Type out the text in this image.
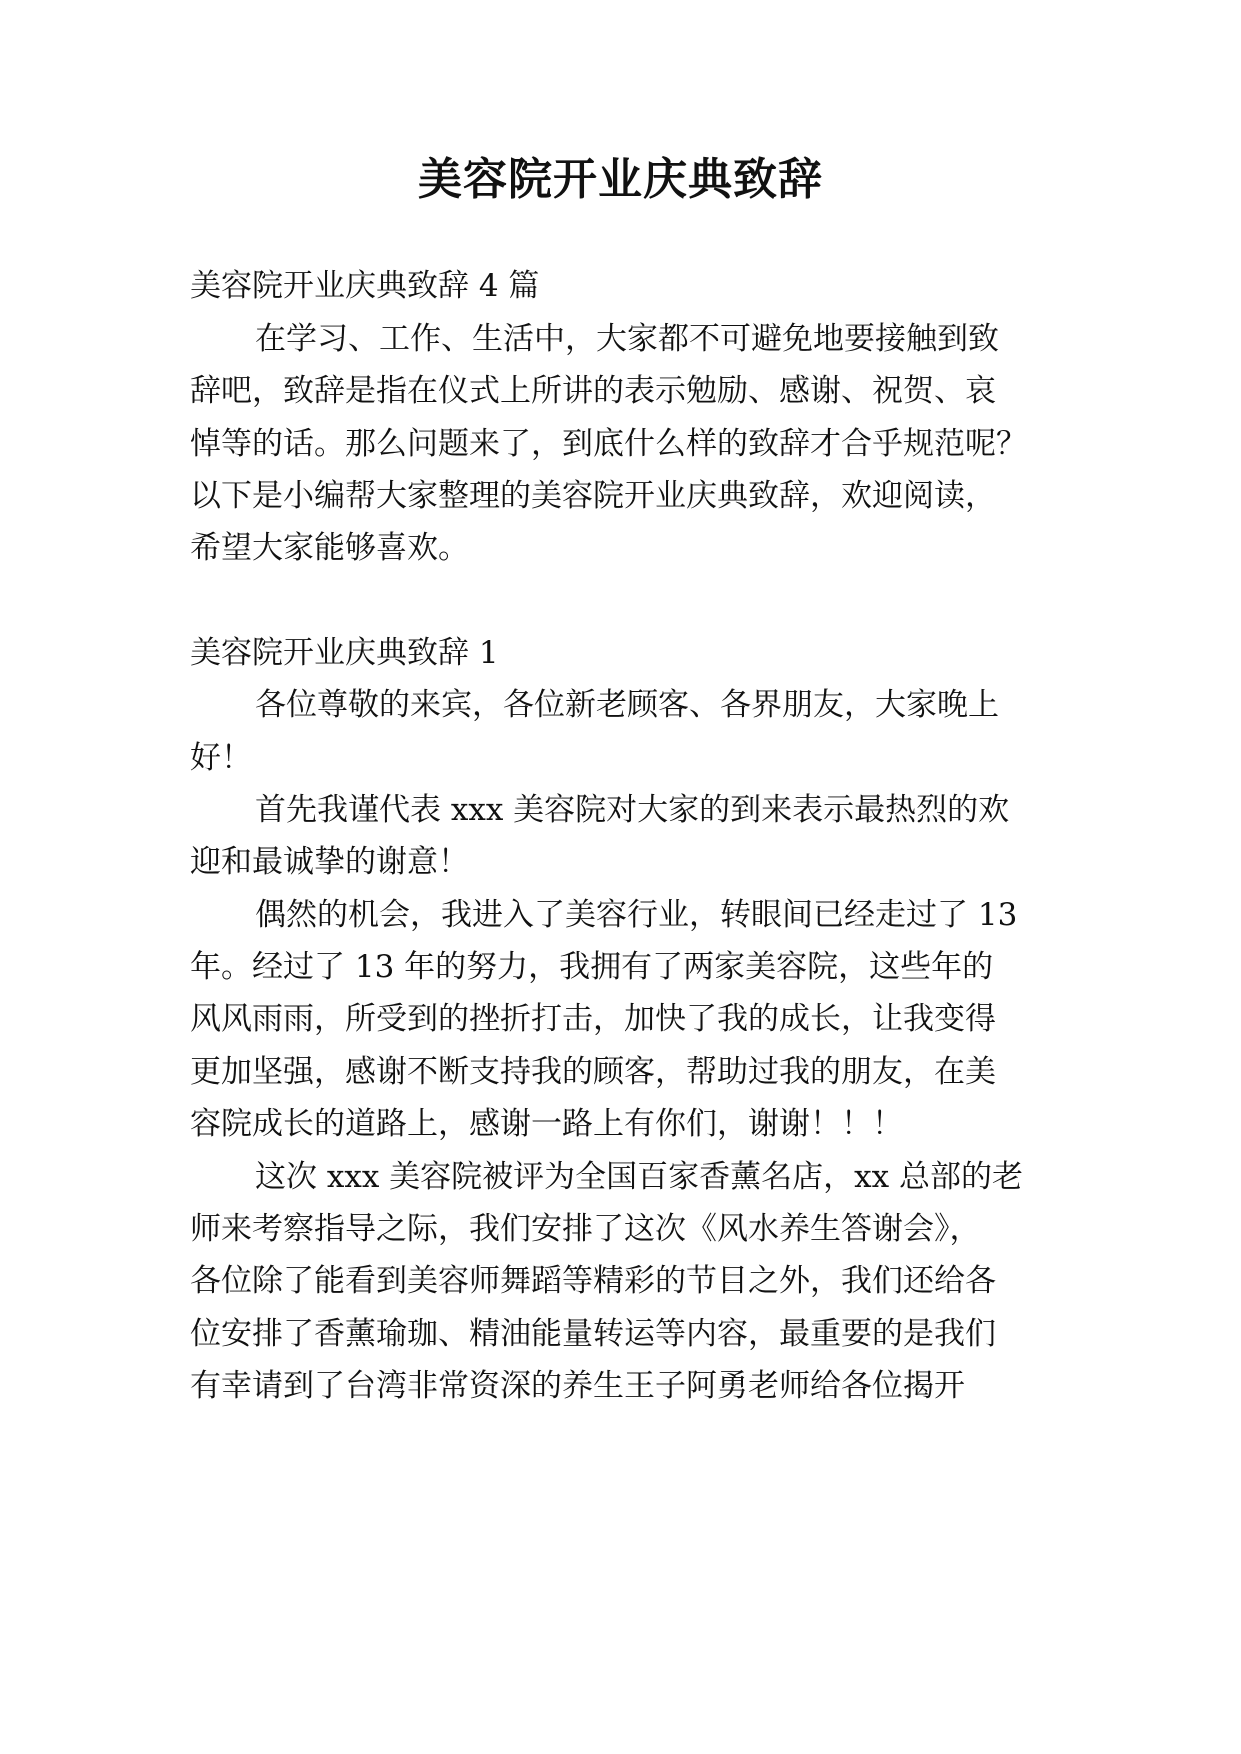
美容院开业庆典致辞
美容院开业庆典致辞 4 篇
在学习、工作、生活中，大家都不可避免地要接触到致
辞吧，致辞是指在仪式上所讲的表示勉励、感谢、祝贺、哀
悼等的话。那么问题来了，到底什么样的致辞才合乎规范呢？
以下是小编帮大家整理的美容院开业庆典致辞，欢迎阅读，
希望大家能够喜欢。
美容院开业庆典致辞 1
各位尊敬的来宾，各位新老顾客、各界朋友，大家晚上
好！
首先我谨代表 xxx 美容院对大家的到来表示最热烈的欢
迎和最诚挚的谢意！
偶然的机会，我进入了美容行业，转眼间已经走过了 13
年。经过了 13 年的努力，我拥有了两家美容院，这些年的
风风雨雨，所受到的挫折打击，加快了我的成长，让我变得
更加坚强，感谢不断支持我的顾客，帮助过我的朋友，在美
容院成长的道路上，感谢一路上有你们，谢谢！！！
这次 xxx 美容院被评为全国百家香薰名店，xx 总部的老
师来考察指导之际，我们安排了这次《风水养生答谢会》，
各位除了能看到美容师舞蹈等精彩的节目之外，我们还给各
位安排了香薰瑜珈、精油能量转运等内容，最重要的是我们
有幸请到了台湾非常资深的养生王子阿勇老师给各位揭开
